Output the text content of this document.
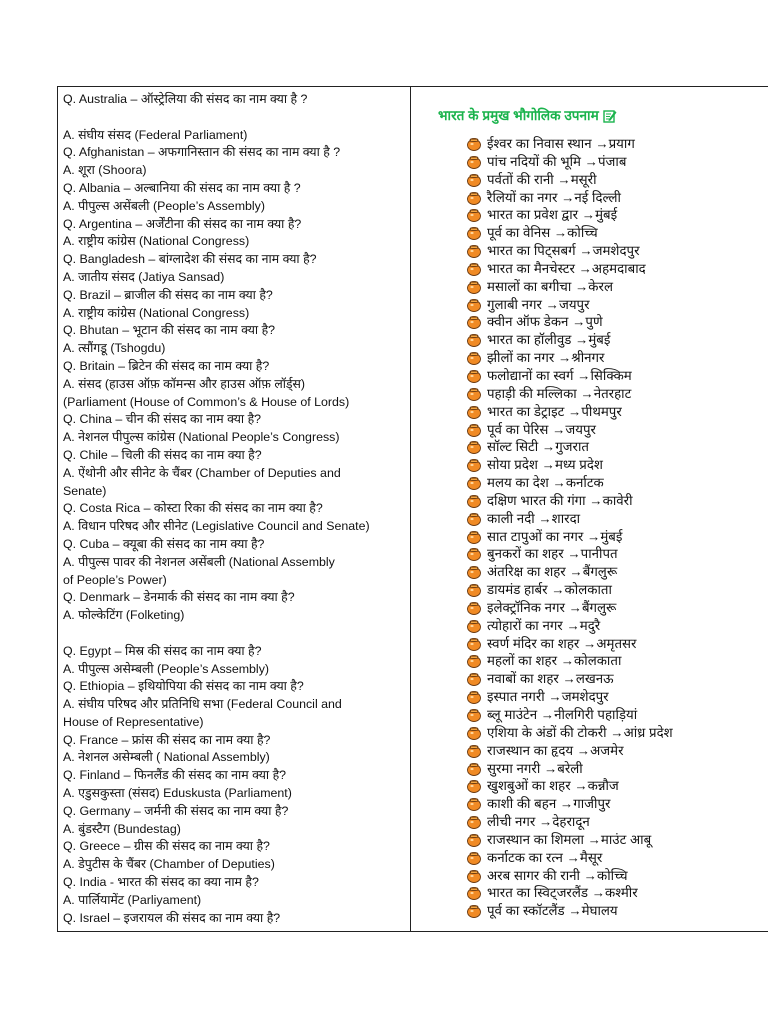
Q. Australia – ऑस्ट्रेलिया की संसद का नाम क्या है ?
A. संघीय संसद (Federal Parliament)
Q. Afghanistan – अफगानिस्तान की संसद का नाम क्या है ?
A. शूरा (Shoora)
Q. Albania – अल्बानिया की संसद का नाम क्या है ?
A. पीपुल्स असेंबली (People’s Assembly)
Q. Argentina – अर्जेंटीना की संसद का नाम क्या है?
A. राष्ट्रीय कांग्रेस (National Congress)
Q. Bangladesh – बांग्लादेश की संसद का नाम क्या है?
A. जातीय संसद (Jatiya Sansad)
Q. Brazil – ब्राजील की संसद का नाम क्या है?
A. राष्ट्रीय कांग्रेस (National Congress)
Q. Bhutan – भूटान की संसद का नाम क्या है?
A. त्सौंगडू (Tshogdu)
Q. Britain – ब्रिटेन की संसद का नाम क्या है?
A. संसद (हाउस ऑफ़ कॉमन्स और हाउस ऑफ़ लॉर्ड्स)
(Parliament (House of Common’s & House of Lords)
Q. China – चीन की संसद का नाम क्या है?
A. नेशनल पीपुल्स कांग्रेस (National People’s Congress)
Q. Chile – चिली की संसद का नाम क्या है?
A. ऐंथोनी और सीनेट के चैंबर (Chamber of Deputies and
Senate)
Q. Costa Rica – कोस्टा रिका की संसद का नाम क्या है?
A. विधान परिषद और सीनेट (Legislative Council and Senate)
Q. Cuba – क्यूबा की संसद का नाम क्या है?
A. पीपुल्स पावर की नेशनल असेंबली (National Assembly
of People’s Power)
Q. Denmark – डेनमार्क की संसद का नाम क्या है?
A. फोल्केटिंग (Folketing)
Q. Egypt – मिस्र की संसद का नाम क्या है?
A. पीपुल्स असेम्बली (People’s Assembly)
Q. Ethiopia – इथियोपिया की संसद का नाम क्या है?
A. संघीय परिषद और प्रतिनिधि सभा (Federal Council and
House of Representative)
Q. France – फ्रांस की संसद का नाम क्या है?
A. नेशनल असेम्बली ( National Assembly)
Q. Finland – फिनलैंड की संसद का नाम क्या है?
A. एडुसकुस्ता (संसद) Eduskusta (Parliament)
Q. Germany – जर्मनी की संसद का नाम क्या है?
A. बुंडस्टैग (Bundestag)
Q. Greece – ग्रीस की संसद का नाम क्या है?
A. डेपुटीस के चैंबर (Chamber of Deputies)
Q. India - भारत की संसद का क्या नाम है?
A. पार्लियामेंट (Parliyament)
Q. Israel – इजरायल की संसद का नाम क्या है?
भारत के प्रमुख भौगोलिक उपनाम
ईश्वर का निवास स्थान →प्रयाग
पांच नदियों की भूमि →पंजाब
पर्वतों की रानी →मसूरी
रैलियों का नगर →नई दिल्ली
भारत का प्रवेश द्वार →मुंबई
पूर्व का वेनिस →कोच्चि
भारत का पिट्सबर्ग →जमशेदपुर
भारत का मैनचेस्टर →अहमदाबाद
मसालों का बगीचा →केरल
गुलाबी नगर →जयपुर
क्वीन ऑफ डेकन →पुणे
भारत का हॉलीवुड →मुंबई
झीलों का नगर →श्रीनगर
फलोद्यानों का स्वर्ग →सिक्किम
पहाड़ी की मल्लिका →नेतरहाट
भारत का डेट्राइट →पीथमपुर
पूर्व का पेरिस →जयपुर
सॉल्ट सिटी →गुजरात
सोया प्रदेश →मध्य प्रदेश
मलय का देश →कर्नाटक
दक्षिण भारत की गंगा →कावेरी
काली नदी →शारदा
सात टापुओं का नगर →मुंबई
बुनकरों का शहर →पानीपत
अंतरिक्ष का शहर →बैंगलुरू
डायमंड हार्बर →कोलकाता
इलेक्ट्रॉनिक नगर →बैंगलुरू
त्योहारों का नगर →मदुरै
स्वर्ण मंदिर का शहर →अमृतसर
महलों का शहर →कोलकाता
नवाबों का शहर →लखनऊ
इस्पात नगरी →जमशेदपुर
ब्लू माउंटेन →नीलगिरी पहाड़ियां
एशिया के अंडों की टोकरी →आंध्र प्रदेश
राजस्थान का हृदय →अजमेर
सुरमा नगरी →बरेली
खुशबुओं का शहर →कन्नौज
काशी की बहन →गाजीपुर
लीची नगर →देहरादून
राजस्थान का शिमला →माउंट आबू
कर्नाटक का रत्न →मैसूर
अरब सागर की रानी →कोच्चि
भारत का स्विट्जरलैंड →कश्मीर
पूर्व का स्कॉटलैंड →मेघालय
